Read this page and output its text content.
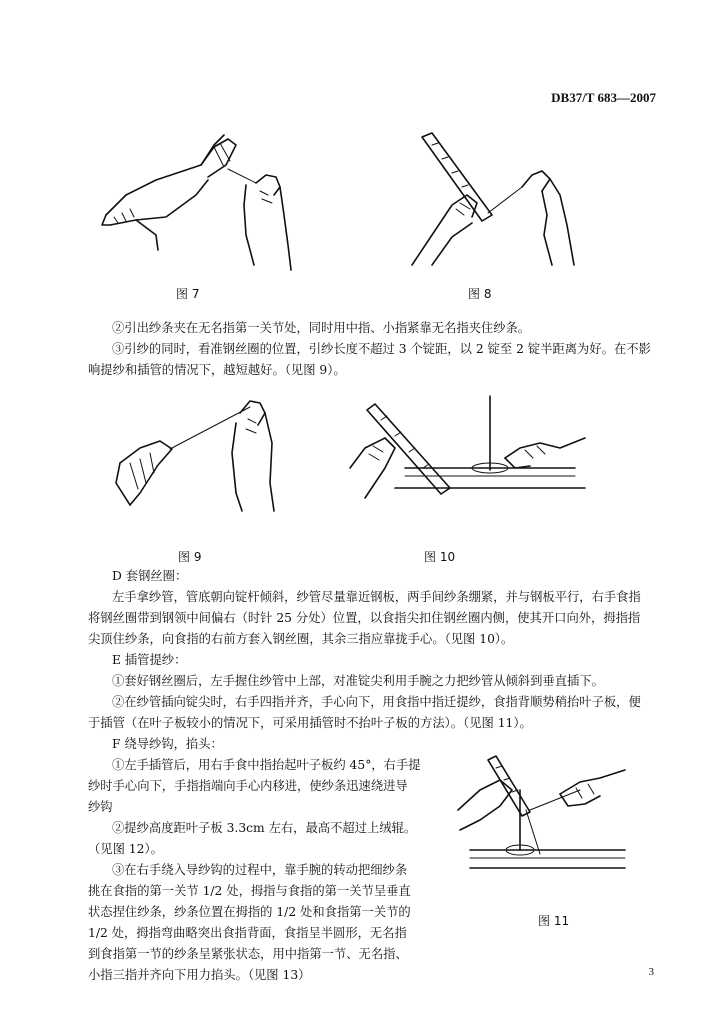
DB37/T 683—2007
图 7	图 8
②引出纱条夹在无名指第一关节处，同时用中指、小指紧靠无名指夹住纱条。
③引纱的同时，看准钢丝圈的位置，引纱长度不超过 3 个锭距，以 2 锭至 2 锭半距离为好。在不影
响提纱和插管的情况下，越短越好。（见图 9）。
图 9	图 10
D 套钢丝圈：
左手拿纱管，管底朝向锭杆倾斜，纱管尽量靠近钢板，两手间纱条绷紧，并与钢板平行，右手食指
将钢丝圈带到钢领中间偏右（时针 25 分处）位置，以食指尖扣住钢丝圈内侧，使其开口向外，拇指指
尖顶住纱条，向食指的右前方套入钢丝圈，其余三指应靠拢手心。（见图 10）。
E 插管提纱：
①套好钢丝圈后，左手握住纱管中上部，对准锭尖利用手腕之力把纱管从倾斜到垂直插下。
②在纱管插向锭尖时，右手四指并齐，手心向下，用食指中指迁提纱，食指背顺势稍抬叶子板，便
于插管（在叶子板较小的情况下，可采用插管时不抬叶子板的方法）。（见图 11）。
F 绕导纱钩，掐头：
①左手插管后，用右手食中指抬起叶子板约 45°，右手提
纱时手心向下，手指指端向手心内移进，使纱条迅速绕进导
纱钩
②提纱高度距叶子板 3.3cm 左右，最高不超过上绒辊。
（见图 12）。
③在右手绕入导纱钩的过程中，靠手腕的转动把细纱条
挑在食指的第一关节 1/2 处，拇指与食指的第一关节呈垂直
状态捏住纱条，纱条位置在拇指的 1/2 处和食指第一关节的
1/2 处，拇指弯曲略突出食指背面，食指呈半圆形，无名指
到食指第一节的纱条呈紧张状态，用中指第一节、无名指、
小指三指并齐向下用力掐头。（见图 13）
图 11
3
